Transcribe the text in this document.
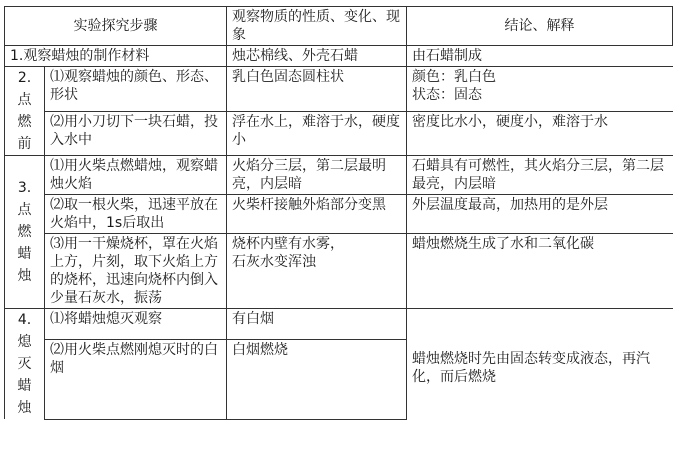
实验探究步骤		观察物质的性质、变化、现象	结论、解释
1.观察蜡烛的制作材料		烛芯棉线、外壳石蜡	由石蜡制成

2.
点
燃
前	⑴观察蜡烛的颜色、形态、形状	乳白色固态圆柱状	颜色：乳白色
状态：固态
	⑵用小刀切下一块石蜡，投入水中	浮在水上，难溶于水，硬度小	密度比水小，硬度小，难溶于水

3.
点
燃
蜡
烛	⑴用火柴点燃蜡烛，观察蜡烛火焰	火焰分三层，第二层最明亮，内层暗	石蜡具有可燃性，其火焰分三层，第二层最亮，内层暗
	⑵取一根火柴，迅速平放在火焰中，1s后取出	火柴杆接触外焰部分变黑	外层温度最高，加热用的是外层
	⑶用一干燥烧杯，罩在火焰上方，片刻，取下火焰上方的烧杯，迅速向烧杯内倒入少量石灰水，振荡	烧杯内壁有水雾，
石灰水变浑浊	蜡烛燃烧生成了水和二氧化碳

4.
熄
灭
蜡
烛	⑴将蜡烛熄灭观察	有白烟	蜡烛燃烧时先由固态转变成液态，再汽化，而后燃烧

	⑵用火柴点燃刚熄灭时的白烟	白烟燃烧	
